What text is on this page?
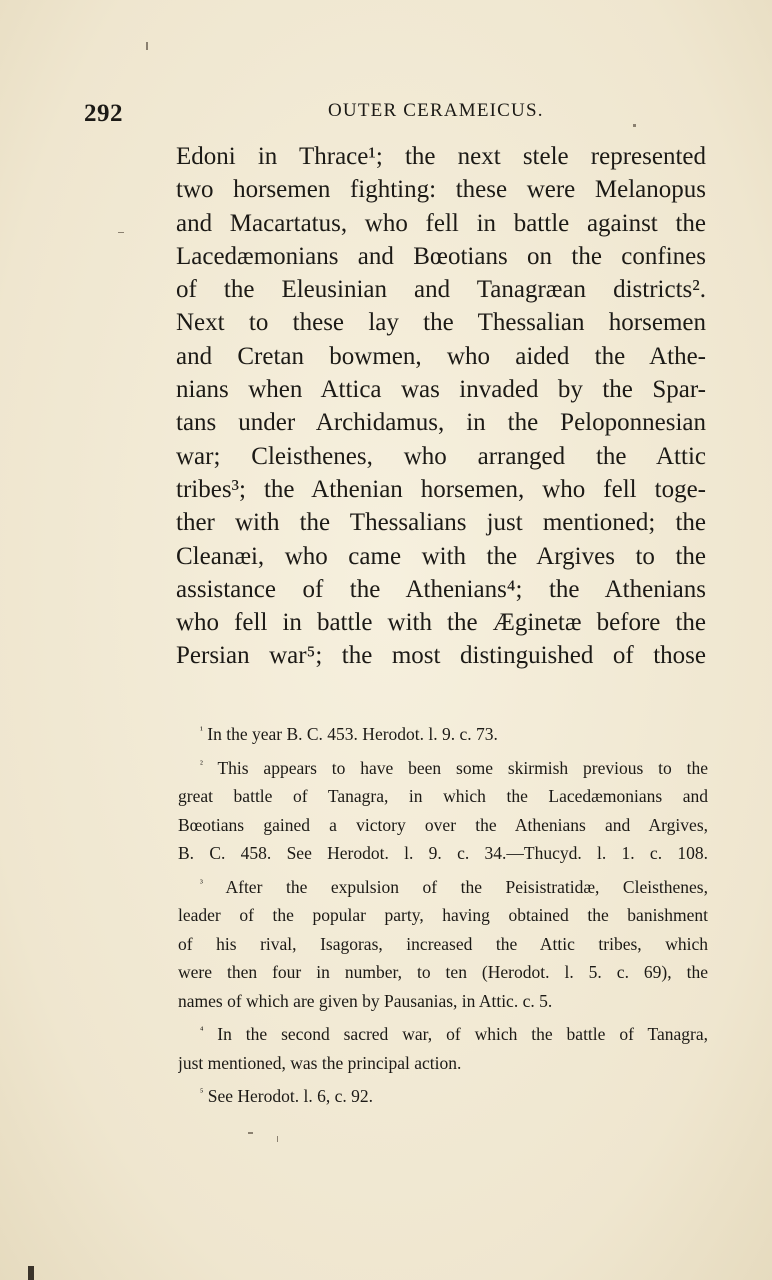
292	OUTER CERAMEICUS.
Edoni in Thrace¹; the next stele represented
two horsemen fighting: these were Melanopus
and Macartatus, who fell in battle against the
Lacedæmonians and Bœotians on the confines
of the Eleusinian and Tanagræan districts².
Next to these lay the Thessalian horsemen
and Cretan bowmen, who aided the Athe-
nians when Attica was invaded by the Spar-
tans under Archidamus, in the Peloponnesian
war; Cleisthenes, who arranged the Attic
tribes³; the Athenian horsemen, who fell toge-
ther with the Thessalians just mentioned; the
Cleanæi, who came with the Argives to the
assistance of the Athenians⁴; the Athenians
who fell in battle with the Æginetæ before the
Persian war⁵; the most distinguished of those
$^{^1}$ In the year B. C. 453. Herodot. l. 9. c. 73.
$^{^2}$ This appears to have been some skirmish previous to the
great battle of Tanagra, in which the Lacedæmonians and
Bœotians gained a victory over the Athenians and Argives,
B. C. 458. See Herodot. l. 9. c. 34.—Thucyd. l. 1. c. 108.
$^{^3}$ After the expulsion of the Peisistratidæ, Cleisthenes,
leader of the popular party, having obtained the banishment
of his rival, Isagoras, increased the Attic tribes, which
were then four in number, to ten (Herodot. l. 5. c. 69), the
names of which are given by Pausanias, in Attic. c. 5.
$^{^4}$ In the second sacred war, of which the battle of Tanagra,
just mentioned, was the principal action.
$^{^5}$ See Herodot. l. 6, c. 92.
